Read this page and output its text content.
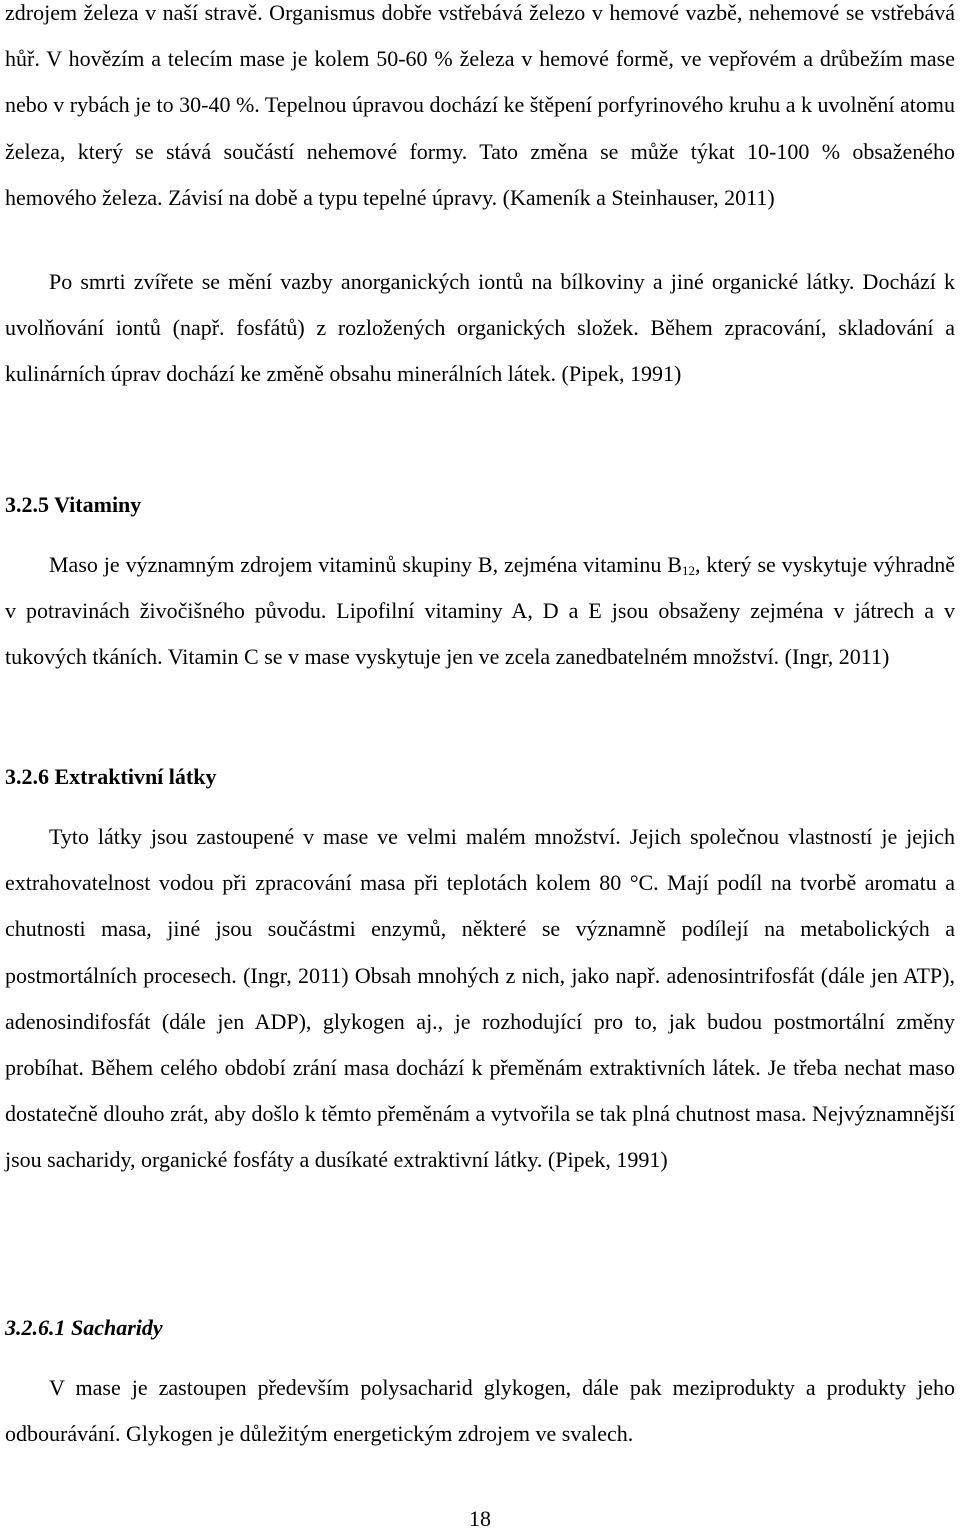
zdrojem železa v naší stravě. Organismus dobře vstřebává železo v hemové vazbě, nehemové se vstřebává hůř. V hovězím a telecím mase je kolem 50-60 % železa v hemové formě, ve vepřovém a drůbežím mase nebo v rybách je to 30-40 %. Tepelnou úpravou dochází ke štěpení porfyrinového kruhu a k uvolnění atomu železa, který se stává součástí nehemové formy. Tato změna se může týkat 10-100 % obsaženého hemového železa. Závisí na době a typu tepelné úpravy. (Kameník a Steinhauser, 2011)

Po smrti zvířete se mění vazby anorganických iontů na bílkoviny a jiné organické látky. Dochází k uvolňování iontů (např. fosfátů) z rozložených organických složek. Během zpracování, skladování a kulinárních úprav dochází ke změně obsahu minerálních látek. (Pipek, 1991)

3.2.5 Vitaminy

Maso je významným zdrojem vitaminů skupiny B, zejména vitaminu $B_{12}$, který se vyskytuje výhradně v potravinách živočišného původu. Lipofilní vitaminy A, D a E jsou obsaženy zejména v játrech a v tukových tkáních. Vitamin C se v mase vyskytuje jen ve zcela zanedbatelném množství. (Ingr, 2011)

3.2.6 Extraktivní látky

Tyto látky jsou zastoupené v mase ve velmi malém množství. Jejich společnou vlastností je jejich extrahovatelnost vodou při zpracování masa při teplotách kolem 80 °C. Mají podíl na tvorbě aromatu a chutnosti masa, jiné jsou součástmi enzymů, některé se významně podílejí na metabolických a postmortálních procesech. (Ingr, 2011) Obsah mnohých z nich, jako např. adenosintrifosfát (dále jen ATP), adenosindifosfát (dále jen ADP), glykogen aj., je rozhodující pro to, jak budou postmortální změny probíhat. Během celého období zrání masa dochází k přeměnám extraktivních látek. Je třeba nechat maso dostatečně dlouho zrát, aby došlo k těmto přeměnám a vytvořila se tak plná chutnost masa. Nejvýznamnější jsou sacharidy, organické fosfáty a dusíkaté extraktivní látky. (Pipek, 1991)

3.2.6.1 Sacharidy

V mase je zastoupen především polysacharid glykogen, dále pak meziprodukty a produkty jeho odbourávání. Glykogen je důležitým energetickým zdrojem ve svalech.

18
